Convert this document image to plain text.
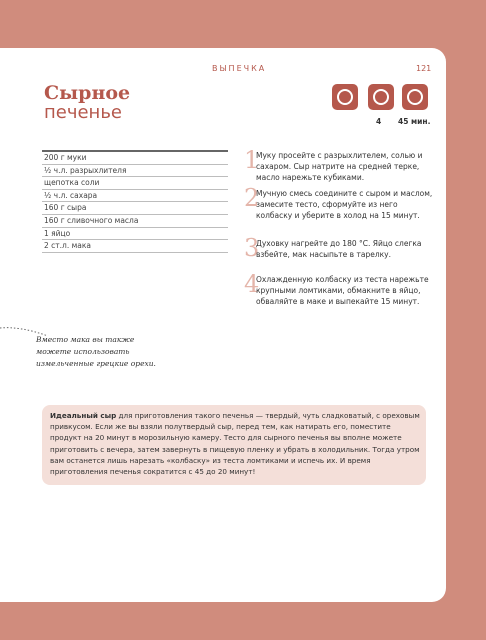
ВЫПЕЧКА	121
Сырное
печенье	4 45 мин.
200 г муки
½ ч.л. разрыхлителя
щепотка соли
½ ч.л. сахара
160 г сыра
160 г сливочного масла
1 яйцо
2 ст.л. мака
1
Муку просейте с разрыхлителем, солью и сахаром. Сыр натрите на средней терке, масло нарежьте кубиками.
2
Мучную смесь соедините с сыром и маслом, замесите тесто, сформуйте из него колбаску и уберите в холод на 15 минут.
3
Духовку нагрейте до 180 °С. Яйцо слегка взбейте, мак насыпьте в тарелку.
4
Охлажденную колбаску из теста нарежьте крупными ломтиками, обмакните в яйцо, обваляйте в маке и выпекайте 15 минут.
Вместо мака вы также можете использовать измельченные грецкие орехи.

Идеальный сыр для приготовления такого печенья — твердый, чуть сладковатый, с ореховым привкусом. Если же вы взяли полутвердый сыр, перед тем, как натирать его, поместите продукт на 20 минут в морозильную камеру. Тесто для сырного печенья вы вполне можете приготовить с вечера, затем завернуть в пищевую пленку и убрать в холодильник. Тогда утром вам останется лишь нарезать «колбаску» из теста ломтиками и испечь их. И время приготовления печенья сократится с 45 до 20 минут!
